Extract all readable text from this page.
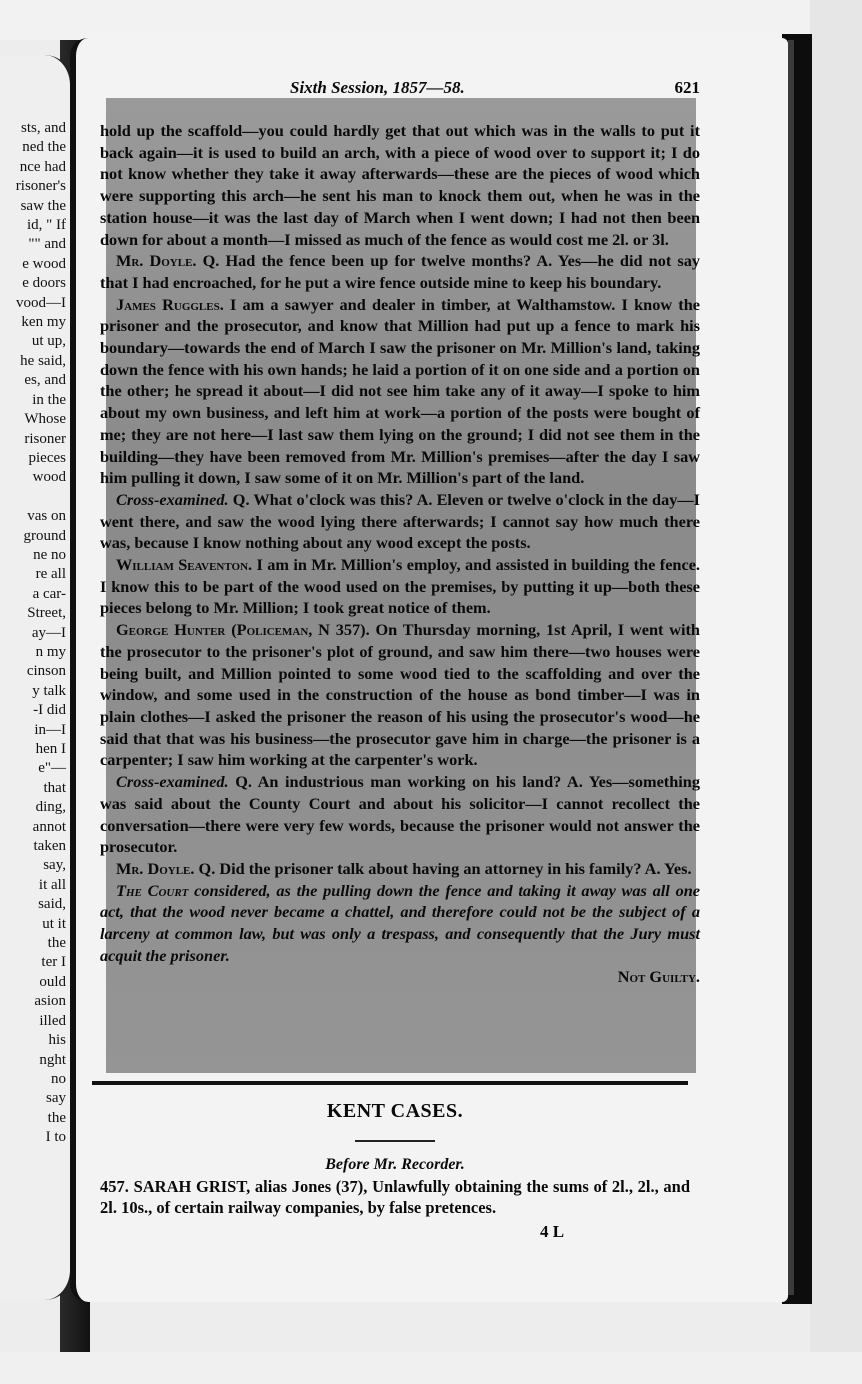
sts, and
ned the
nce had
risoner's
saw the
id, " If
"" and
e wood
e doors
vood—I
ken my
ut up,
he said,
es, and
in the
Whose
risoner
pieces
wood

vas on
ground
ne no
re all
a car-
Street,
ay—I
n my
cinson
y talk
-I did
in—I
hen I
e"—
that
ding,
annot
taken
say,
it all
said,
ut it
the
ter I
ould
asion
illed
his
nght
no
say
the
I to
Sixth Session, 1857—58.	621

hold up the scaffold—you could hardly get that out which was in the walls to put it back again—it is used to build an arch, with a piece of wood over to support it; I do not know whether they take it away afterwards—these are the pieces of wood which were supporting this arch—he sent his man to knock them out, when he was in the station house—it was the last day of March when I went down; I had not then been down for about a month—I missed as much of the fence as would cost me 2l. or 3l.

Mr. Doyle. Q. Had the fence been up for twelve months? A. Yes—he did not say that I had encroached, for he put a wire fence outside mine to keep his boundary.

James Ruggles. I am a sawyer and dealer in timber, at Walthamstow. I know the prisoner and the prosecutor, and know that Million had put up a fence to mark his boundary—towards the end of March I saw the prisoner on Mr. Million's land, taking down the fence with his own hands; he laid a portion of it on one side and a portion on the other; he spread it about—I did not see him take any of it away—I spoke to him about my own business, and left him at work—a portion of the posts were bought of me; they are not here—I last saw them lying on the ground; I did not see them in the building—they have been removed from Mr. Million's premises—after the day I saw him pulling it down, I saw some of it on Mr. Million's part of the land.

Cross-examined. Q. What o'clock was this? A. Eleven or twelve o'clock in the day—I went there, and saw the wood lying there afterwards; I cannot say how much there was, because I know nothing about any wood except the posts.

William Seaventon. I am in Mr. Million's employ, and assisted in building the fence. I know this to be part of the wood used on the premises, by putting it up—both these pieces belong to Mr. Million; I took great notice of them.

George Hunter (Policeman, N 357). On Thursday morning, 1st April, I went with the prosecutor to the prisoner's plot of ground, and saw him there—two houses were being built, and Million pointed to some wood tied to the scaffolding and over the window, and some used in the construction of the house as bond timber—I was in plain clothes—I asked the prisoner the reason of his using the prosecutor's wood—he said that that was his business—the prosecutor gave him in charge—the prisoner is a carpenter; I saw him working at the carpenter's work.

Cross-examined. Q. An industrious man working on his land? A. Yes—something was said about the County Court and about his solicitor—I cannot recollect the conversation—there were very few words, because the prisoner would not answer the prosecutor.

Mr. Doyle. Q. Did the prisoner talk about having an attorney in his family? A. Yes.

The Court considered, as the pulling down the fence and taking it away was all one act, that the wood never became a chattel, and therefore could not be the subject of a larceny at common law, but was only a trespass, and consequently that the Jury must acquit the prisoner.

Not Guilty.

KENT CASES.
Before Mr. Recorder.
457. SARAH GRIST, alias Jones (37), Unlawfully obtaining the sums of 2l., 2l., and 2l. 10s., of certain railway companies, by false pretences.
4 L
